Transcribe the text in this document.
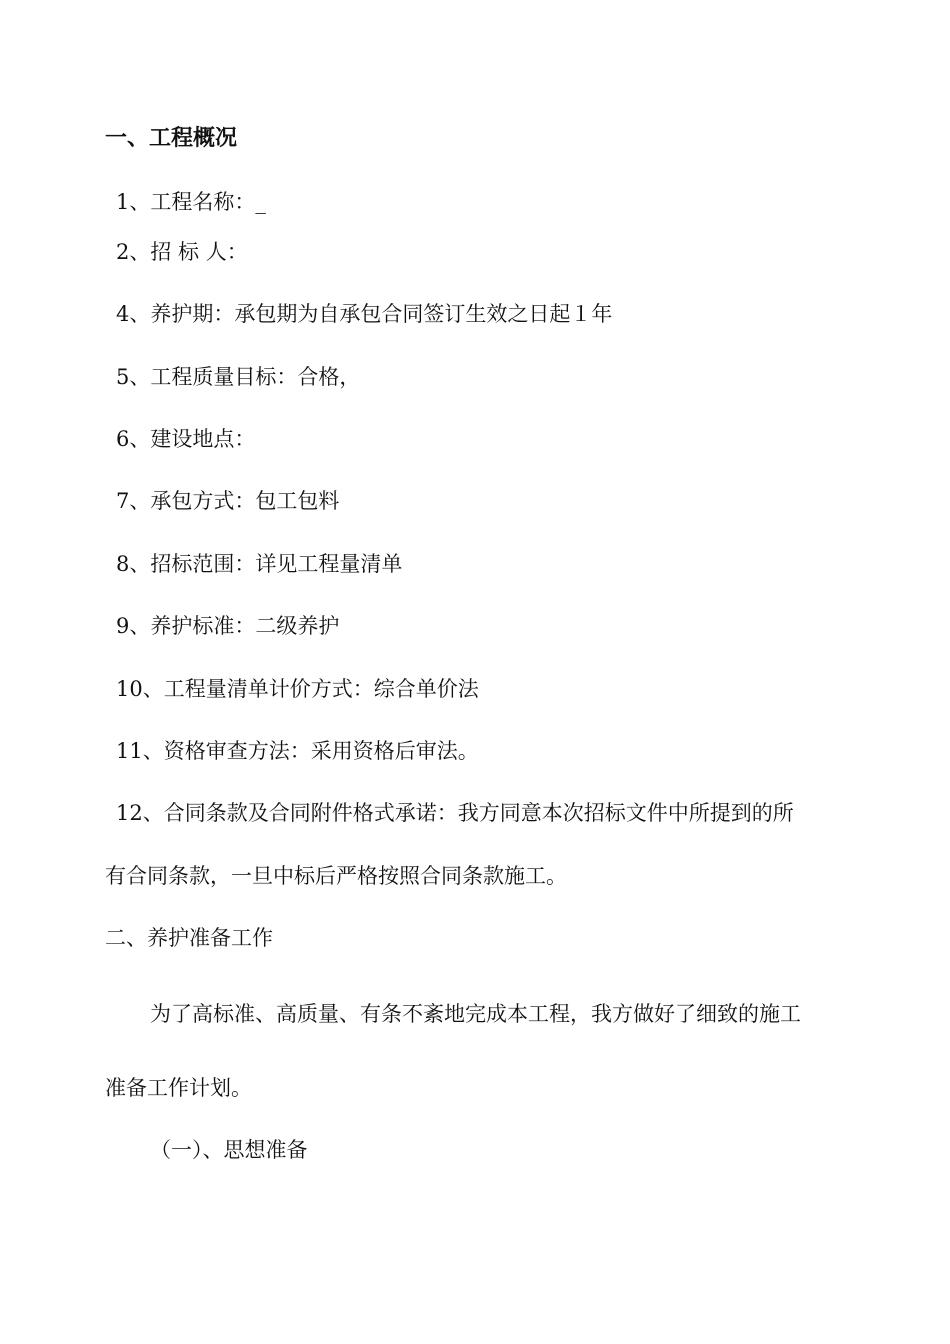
一、工程概况
1、工程名称：_
2、招 标 人：
4、养护期：承包期为自承包合同签订生效之日起１年
5、工程质量目标：合格，
6、建设地点：
7、承包方式：包工包料
8、招标范围：详见工程量清单
9、养护标准：二级养护
10、工程量清单计价方式：综合单价法
11、资格审查方法：采用资格后审法。
12、合同条款及合同附件格式承诺：我方同意本次招标文件中所提到的所
有合同条款，一旦中标后严格按照合同条款施工。
二、养护准备工作
为了高标准、高质量、有条不紊地完成本工程，我方做好了细致的施工
准备工作计划。
（一）、思想准备
